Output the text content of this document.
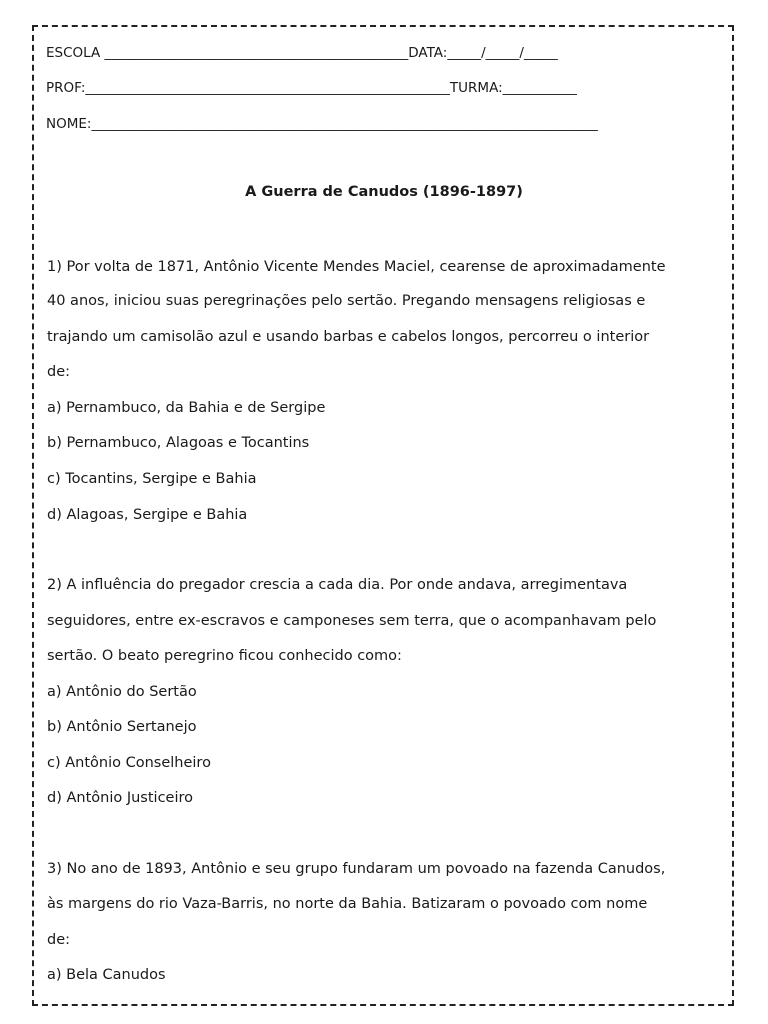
ESCOLA _____________________________________________DATA:_____/_____/_____
PROF:______________________________________________________TURMA:___________
NOME:___________________________________________________________________________
A Guerra de Canudos (1896-1897)
1) Por volta de 1871, Antônio Vicente Mendes Maciel, cearense de aproximadamente
40 anos, iniciou suas peregrinações pelo sertão. Pregando mensagens religiosas e
trajando um camisolão azul e usando barbas e cabelos longos, percorreu o interior
de:
a) Pernambuco, da Bahia e de Sergipe
b) Pernambuco, Alagoas e Tocantins
c) Tocantins, Sergipe e Bahia
d) Alagoas, Sergipe e Bahia
2) A influência do pregador crescia a cada dia. Por onde andava, arregimentava
seguidores, entre ex-escravos e camponeses sem terra, que o acompanhavam pelo
sertão. O beato peregrino ficou conhecido como:
a) Antônio do Sertão
b) Antônio Sertanejo
c) Antônio Conselheiro
d) Antônio Justiceiro
3) No ano de 1893, Antônio e seu grupo fundaram um povoado na fazenda Canudos,
às margens do rio Vaza-Barris, no norte da Bahia. Batizaram o povoado com nome
de:
a) Bela Canudos
